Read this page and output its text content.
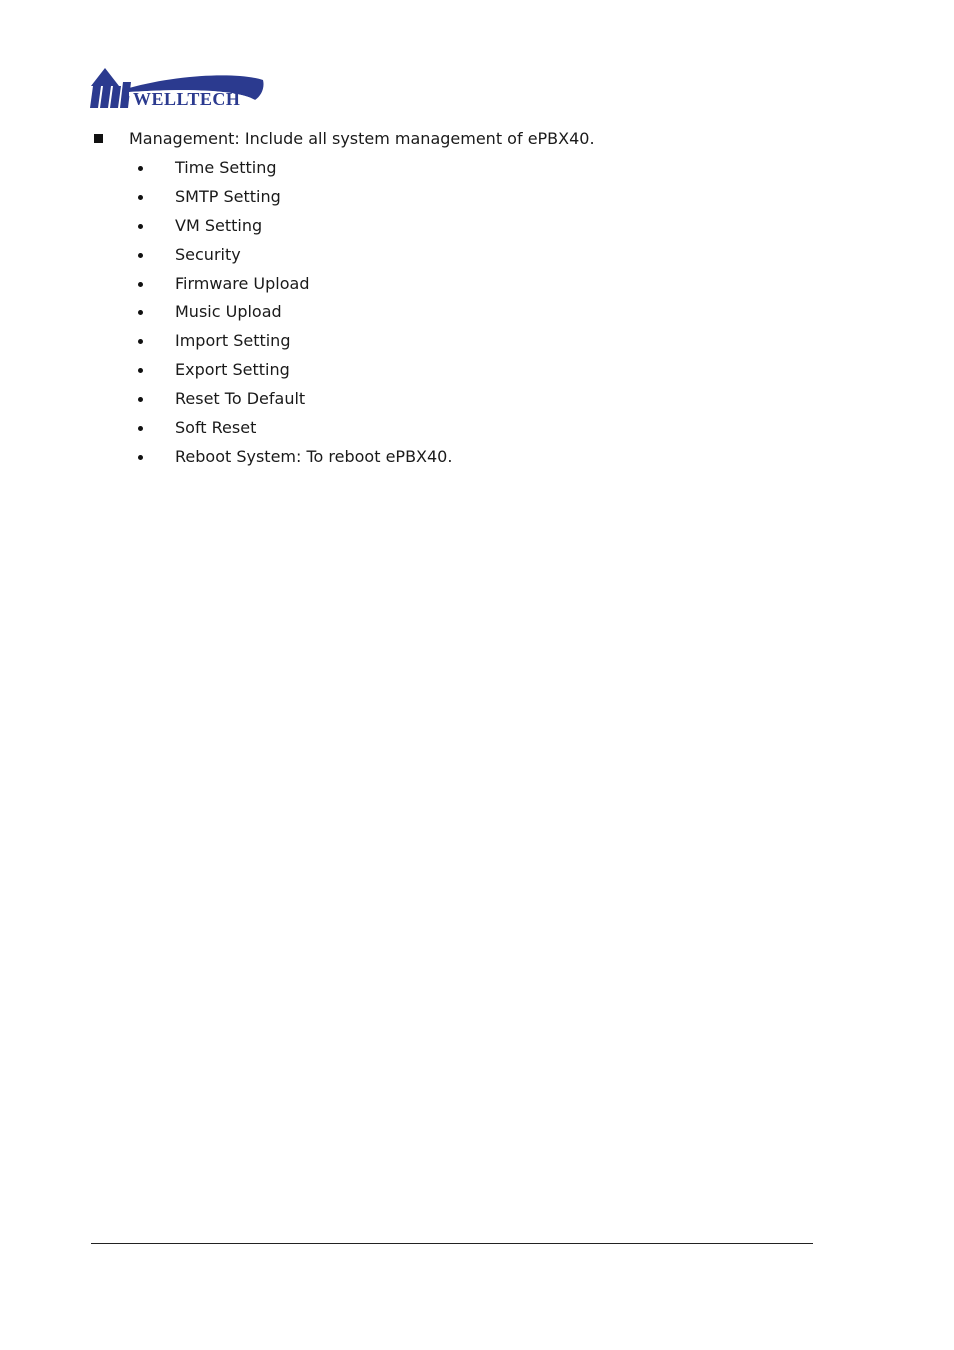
WELLTECH
Management: Include all system management of ePBX40.
Time Setting
SMTP Setting
VM Setting
Security
Firmware Upload
Music Upload
Import Setting
Export Setting
Reset To Default
Soft Reset
Reboot System: To reboot ePBX40.
